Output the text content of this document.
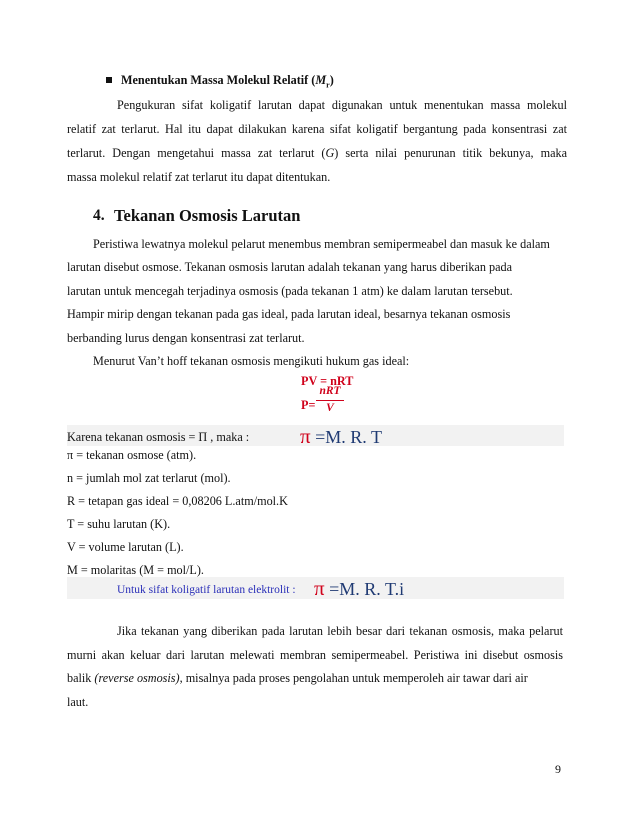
Menentukan Massa Molekul Relatif $(M_r)$
Pengukuran sifat koligatif larutan dapat digunakan untuk menentukan massa molekul
relatif zat terlarut. Hal itu dapat dilakukan karena sifat koligatif bergantung pada konsentrasi zat
terlarut. Dengan mengetahui massa zat terlarut (G) serta nilai penurunan titik bekunya, maka
massa molekul relatif zat terlarut itu dapat ditentukan.
4. Tekanan Osmosis Larutan
Peristiwa lewatnya molekul pelarut menembus membran semipermeabel dan masuk ke dalam
larutan disebut osmose. Tekanan osmosis larutan adalah tekanan yang harus diberikan pada
larutan untuk mencegah terjadinya osmosis (pada tekanan 1 atm) ke dalam larutan tersebut.
Hampir mirip dengan tekanan pada gas ideal, pada larutan ideal, besarnya tekanan osmosis
berbanding lurus dengan konsentrasi zat terlarut.
Menurut Van’t hoff tekanan osmosis mengikuti hukum gas ideal:
PV = nRT
P=
nRT
V
Karena tekanan osmosis = Π , maka : π =M. R. T
π = tekanan osmose (atm).
n = jumlah mol zat terlarut (mol).
R = tetapan gas ideal = 0,08206 L.atm/mol.K
T = suhu larutan (K).
V = volume larutan (L).
M = molaritas (M = mol/L).
Untuk sifat koligatif larutan elektrolit : π =M. R. T.i
Jika tekanan yang diberikan pada larutan lebih besar dari tekanan osmosis, maka pelarut
murni akan keluar dari larutan melewati membran semipermeabel. Peristiwa ini disebut osmosis
balik (reverse osmosis), misalnya pada proses pengolahan untuk memperoleh air tawar dari air
laut.
9
